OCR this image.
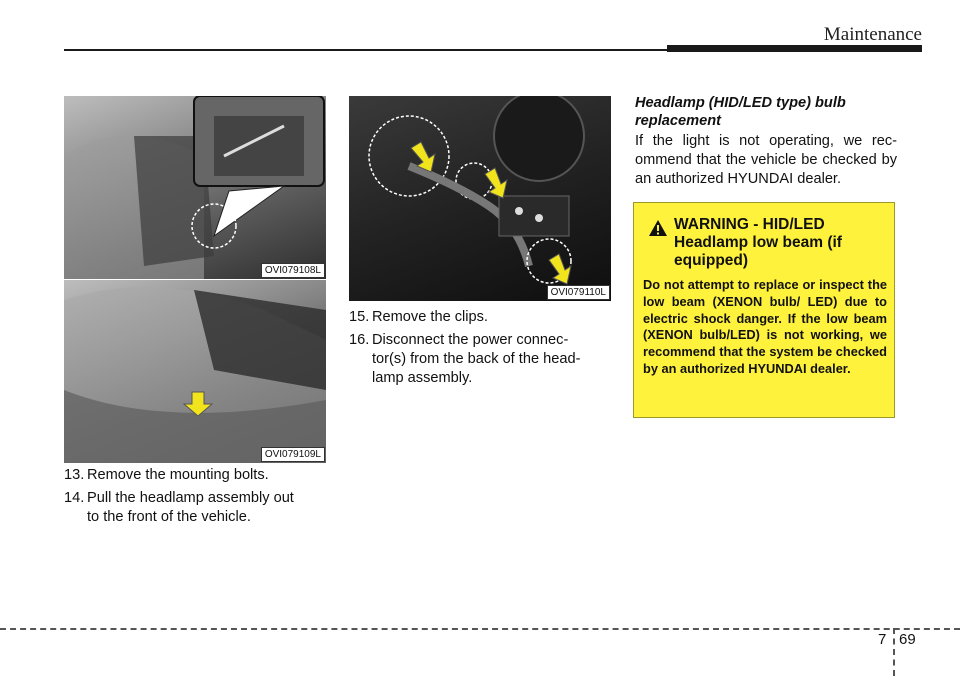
Maintenance
OVI079108L
OVI079109L
OVI079110L
13. Remove the mounting bolts.
14. Pull the headlamp assembly out
to the front of the vehicle.
15. Remove the clips.
16. Disconnect the power connec-
tor(s) from the back of the head- lamp assembly.
Headlamp (HID/LED type) bulb replacement
If the light is not operating, we rec- ommend that the vehicle be checked by an authorized HYUNDAI dealer.
WARNING - HID/LED Headlamp low beam (if equipped)
Do not attempt to replace or inspect the low beam (XENON bulb/ LED) due to electric shock danger. If the low beam (XENON bulb/LED) is not working, we recommend that the system be checked by an authorized HYUNDAI dealer.
7 69
